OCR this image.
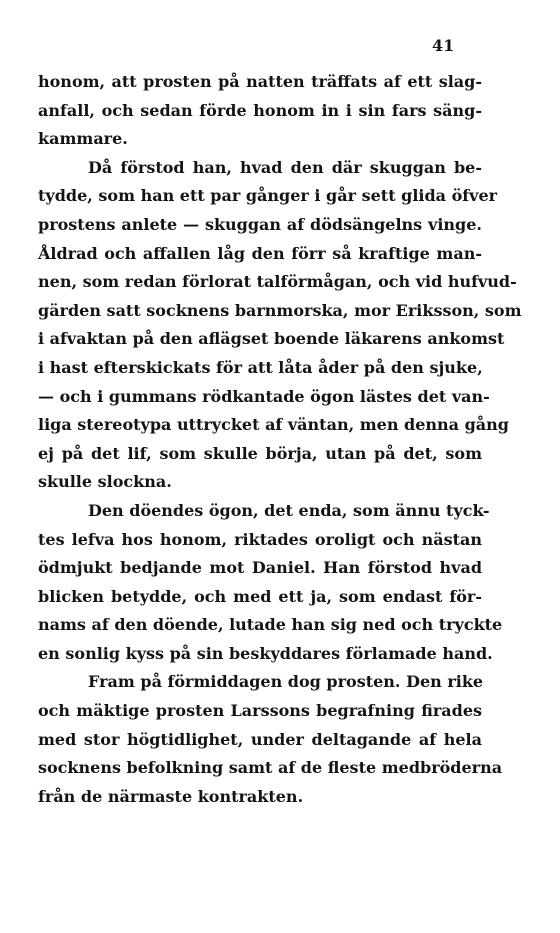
41
honom, att prosten på natten träffats af ett slag-
anfall, och sedan förde honom in i sin fars säng-
kammare.
Då förstod han, hvad den där skuggan be-
tydde, som han ett par gånger i går sett glida öfver
prostens anlete — skuggan af dödsängelns vinge.
Åldrad och affallen låg den förr så kraftige man-
nen, som redan förlorat talförmågan, och vid hufvud-
gärden satt socknens barnmorska, mor Eriksson, som
i afvaktan på den aflägset boende läkarens ankomst
i hast efterskickats för att låta åder på den sjuke,
— och i gummans rödkantade ögon lästes det van-
liga stereotypa uttrycket af väntan, men denna gång
ej på det lif, som skulle börja, utan på det, som
skulle slockna.
Den döendes ögon, det enda, som ännu tyck-
tes lefva hos honom, riktades oroligt och nästan
ödmjukt bedjande mot Daniel. Han förstod hvad
blicken betydde, och med ett ja, som endast för-
nams af den döende, lutade han sig ned och tryckte
en sonlig kyss på sin beskyddares förlamade hand.
Fram på förmiddagen dog prosten. Den rike
och mäktige prosten Larssons begrafning firades
med stor högtidlighet, under deltagande af hela
socknens befolkning samt af de fleste medbröderna
från de närmaste kontrakten.
